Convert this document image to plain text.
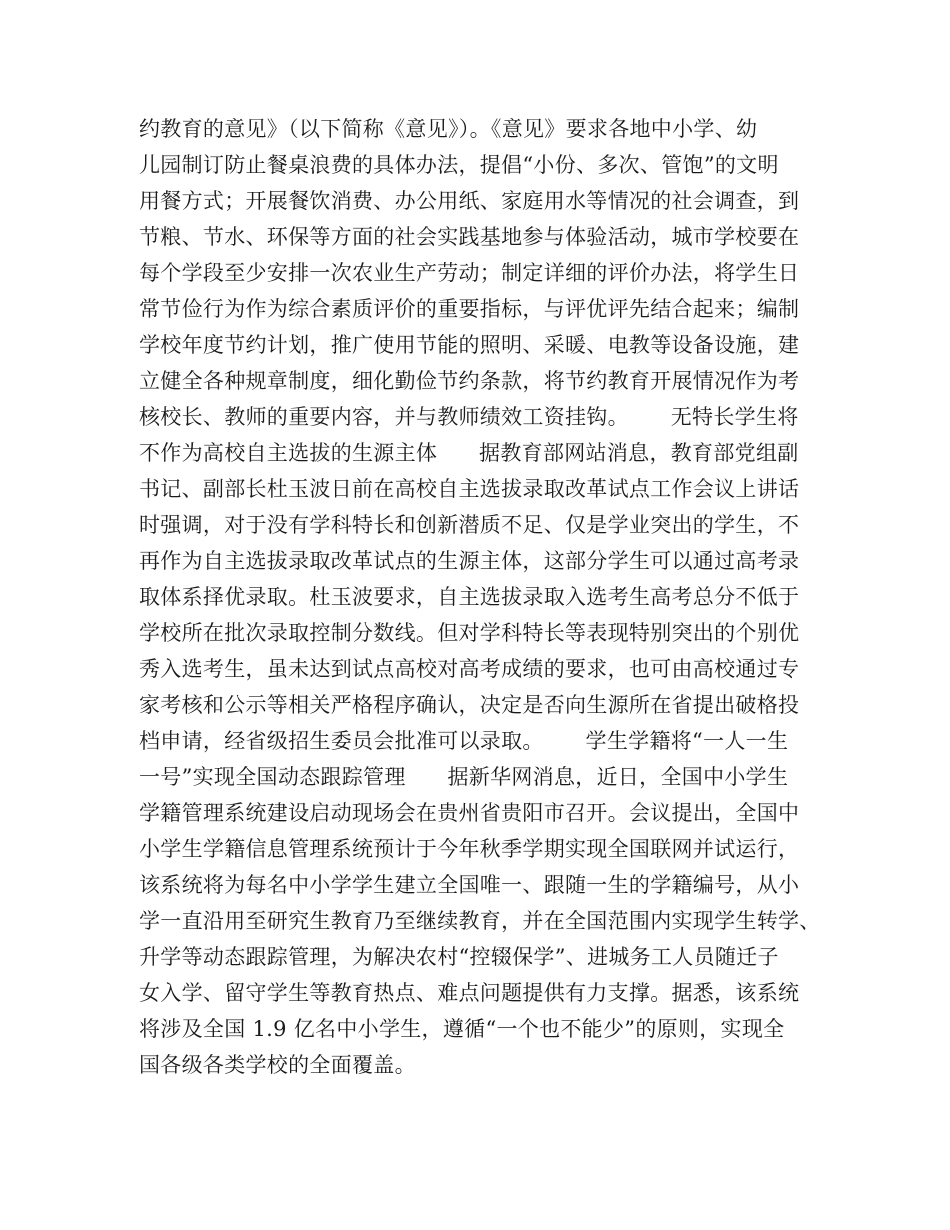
约教育的意见》（以下简称《意见》）。《意见》要求各地中小学、幼
儿园制订防止餐桌浪费的具体办法，提倡“小份、多次、管饱”的文明
用餐方式；开展餐饮消费、办公用纸、家庭用水等情况的社会调查，到
节粮、节水、环保等方面的社会实践基地参与体验活动，城市学校要在
每个学段至少安排一次农业生产劳动；制定详细的评价办法，将学生日
常节俭行为作为综合素质评价的重要指标，与评优评先结合起来；编制
学校年度节约计划，推广使用节能的照明、采暖、电教等设备设施，建
立健全各种规章制度，细化勤俭节约条款，将节约教育开展情况作为考
核校长、教师的重要内容，并与教师绩效工资挂钩。      无特长学生将
不作为高校自主选拔的生源主体      据教育部网站消息，教育部党组副
书记、副部长杜玉波日前在高校自主选拔录取改革试点工作会议上讲话
时强调，对于没有学科特长和创新潜质不足、仅是学业突出的学生，不
再作为自主选拔录取改革试点的生源主体，这部分学生可以通过高考录
取体系择优录取。杜玉波要求，自主选拔录取入选考生高考总分不低于
学校所在批次录取控制分数线。但对学科特长等表现特别突出的个别优
秀入选考生，虽未达到试点高校对高考成绩的要求，也可由高校通过专
家考核和公示等相关严格程序确认，决定是否向生源所在省提出破格投
档申请，经省级招生委员会批准可以录取。      学生学籍将“一人一生
一号”实现全国动态跟踪管理      据新华网消息，近日，全国中小学生
学籍管理系统建设启动现场会在贵州省贵阳市召开。会议提出，全国中
小学生学籍信息管理系统预计于今年秋季学期实现全国联网并试运行，
该系统将为每名中小学学生建立全国唯一、跟随一生的学籍编号，从小
学一直沿用至研究生教育乃至继续教育，并在全国范围内实现学生转学、
升学等动态跟踪管理，为解决农村“控辍保学”、进城务工人员随迁子
女入学、留守学生等教育热点、难点问题提供有力支撑。据悉，该系统
将涉及全国 1.9 亿名中小学生，遵循“一个也不能少”的原则，实现全
国各级各类学校的全面覆盖。
